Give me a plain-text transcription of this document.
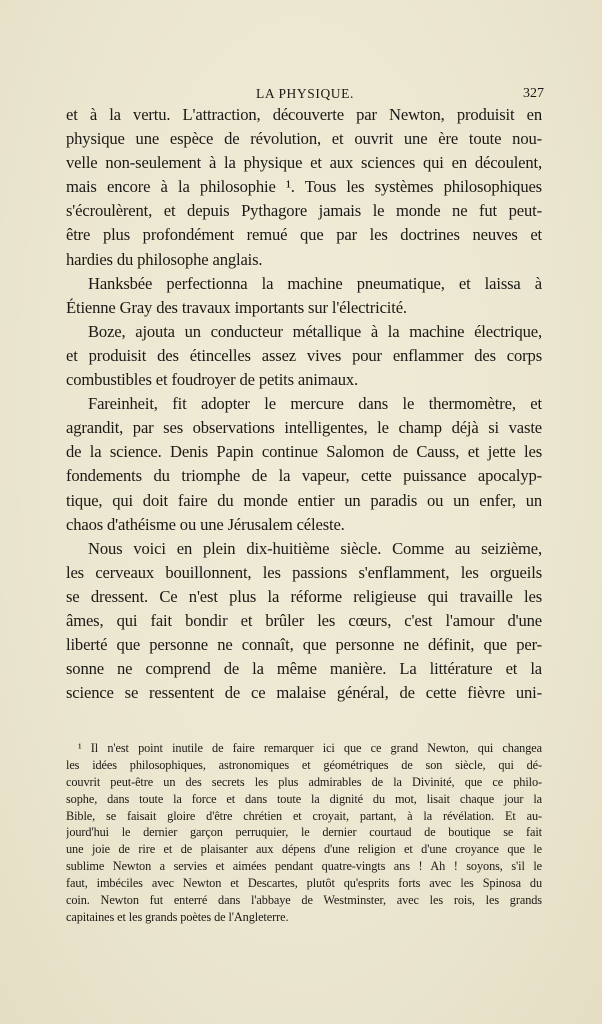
LA PHYSIQUE.	327
et à la vertu. L'attraction, découverte par Newton, produisit en
physique une espèce de révolution, et ouvrit une ère toute nou-
velle non-seulement à la physique et aux sciences qui en découlent,
mais encore à la philosophie ¹. Tous les systèmes philosophiques
s'écroulèrent, et depuis Pythagore jamais le monde ne fut peut-
être plus profondément remué que par les doctrines neuves et
hardies du philosophe anglais.
Hanksbée perfectionna la machine pneumatique, et laissa à
Étienne Gray des travaux importants sur l'électricité.
Boze, ajouta un conducteur métallique à la machine électrique,
et produisit des étincelles assez vives pour enflammer des corps
combustibles et foudroyer de petits animaux.
Fareinheit, fit adopter le mercure dans le thermomètre, et
agrandit, par ses observations intelligentes, le champ déjà si vaste
de la science. Denis Papin continue Salomon de Causs, et jette les
fondements du triomphe de la vapeur, cette puissance apocalyp-
tique, qui doit faire du monde entier un paradis ou un enfer, un
chaos d'athéisme ou une Jérusalem céleste.
Nous voici en plein dix-huitième siècle. Comme au seizième,
les cerveaux bouillonnent, les passions s'enflamment, les orgueils
se dressent. Ce n'est plus la réforme religieuse qui travaille les
âmes, qui fait bondir et brûler les cœurs, c'est l'amour d'une
liberté que personne ne connaît, que personne ne définit, que per-
sonne ne comprend de la même manière. La littérature et la
science se ressentent de ce malaise général, de cette fièvre uni-
¹ Il n'est point inutile de faire remarquer ici que ce grand Newton, qui changea
les idées philosophiques, astronomiques et géométriques de son siècle, qui dé-
couvrit peut-être un des secrets les plus admirables de la Divinité, que ce philo-
sophe, dans toute la force et dans toute la dignité du mot, lisait chaque jour la
Bible, se faisait gloire d'être chrétien et croyait, partant, à la révélation. Et au-
jourd'hui le dernier garçon perruquier, le dernier courtaud de boutique se fait
une joie de rire et de plaisanter aux dépens d'une religion et d'une croyance que le
sublime Newton a servies et aimées pendant quatre-vingts ans ! Ah ! soyons, s'il le
faut, imbéciles avec Newton et Descartes, plutôt qu'esprits forts avec les Spinosa du
coin. Newton fut enterré dans l'abbaye de Westminster, avec les rois, les grands
capitaines et les grands poètes de l'Angleterre.
